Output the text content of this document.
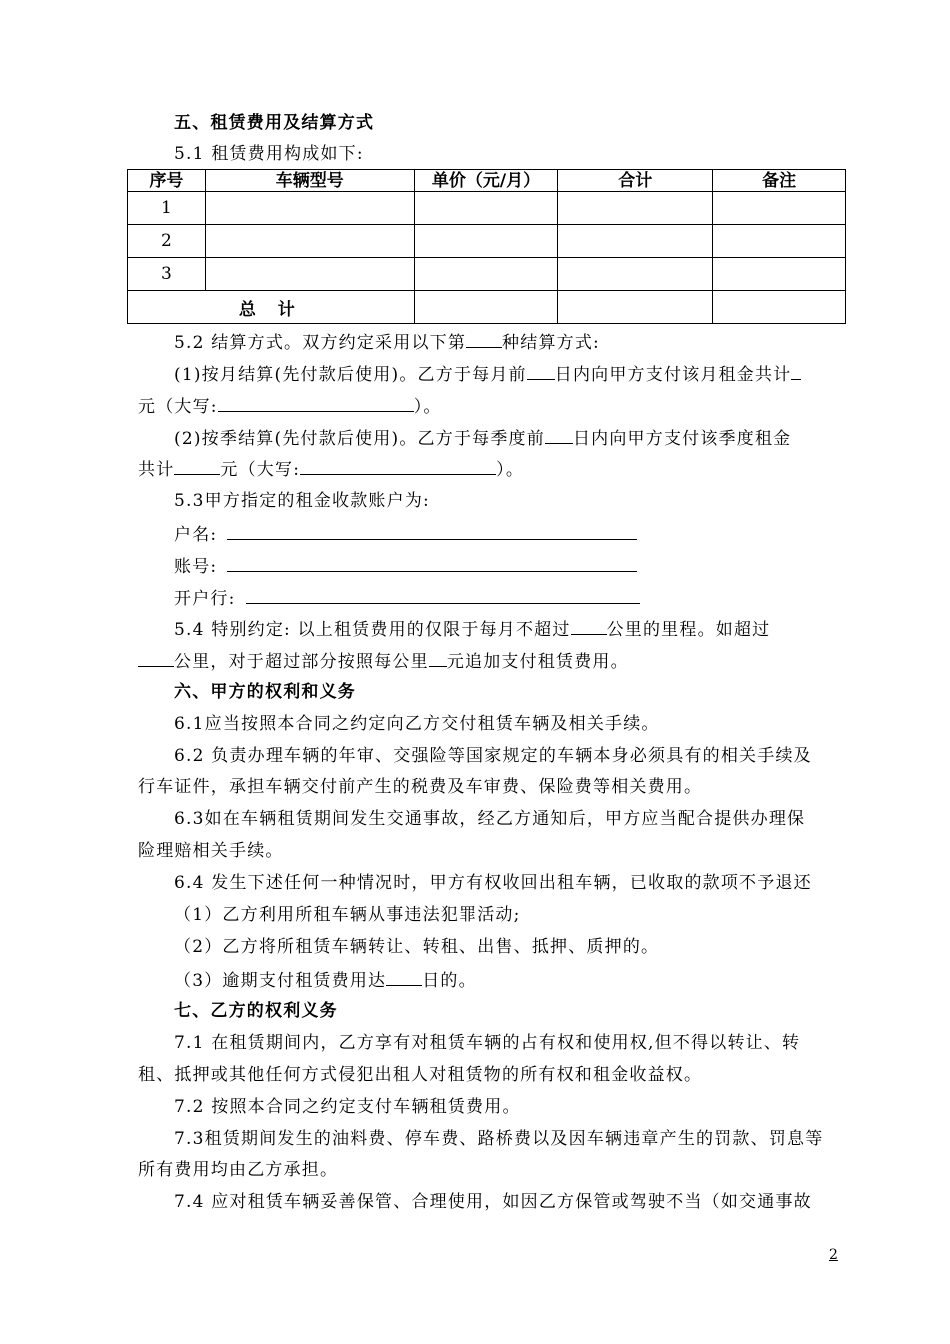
五、租赁费用及结算方式
5.1 租赁费用构成如下:
序号	车辆型号	单价（元/月）	合计	备注
1				
2				
3				
总 计				
5.2 结算方式。双方约定采用以下第 种结算方式:
(1)按月结算(先付款后使用)。乙方于每月前 日内向甲方支付该月租金共计
元（大写:	）。
(2)按季结算(先付款后使用)。乙方于每季度前 日内向甲方支付该季度租金
共计	元（大写:	）。
5.3甲方指定的租金收款账户为:
户名:
账号:
开户行:
5.4 特别约定: 以上租赁费用的仅限于每月不超过 公里的里程。如超过
公里，对于超过部分按照每公里 元追加支付租赁费用。
六、甲方的权利和义务
6.1应当按照本合同之约定向乙方交付租赁车辆及相关手续。
6.2 负责办理车辆的年审、交强险等国家规定的车辆本身必须具有的相关手续及
行车证件，承担车辆交付前产生的税费及车审费、保险费等相关费用。
6.3如在车辆租赁期间发生交通事故，经乙方通知后，甲方应当配合提供办理保
险理赔相关手续。
6.4 发生下述任何一种情况时，甲方有权收回出租车辆，已收取的款项不予退还
（1）乙方利用所租车辆从事违法犯罪活动;
（2）乙方将所租赁车辆转让、转租、出售、抵押、质押的。
（3）逾期支付租赁费用达 日的。
七、乙方的权利义务
7.1 在租赁期间内，乙方享有对租赁车辆的占有权和使用权,但不得以转让、转
租、抵押或其他任何方式侵犯出租人对租赁物的所有权和租金收益权。
7.2 按照本合同之约定支付车辆租赁费用。
7.3租赁期间发生的油料费、停车费、路桥费以及因车辆违章产生的罚款、罚息等
所有费用均由乙方承担。
7.4 应对租赁车辆妥善保管、合理使用，如因乙方保管或驾驶不当（如交通事故
2
